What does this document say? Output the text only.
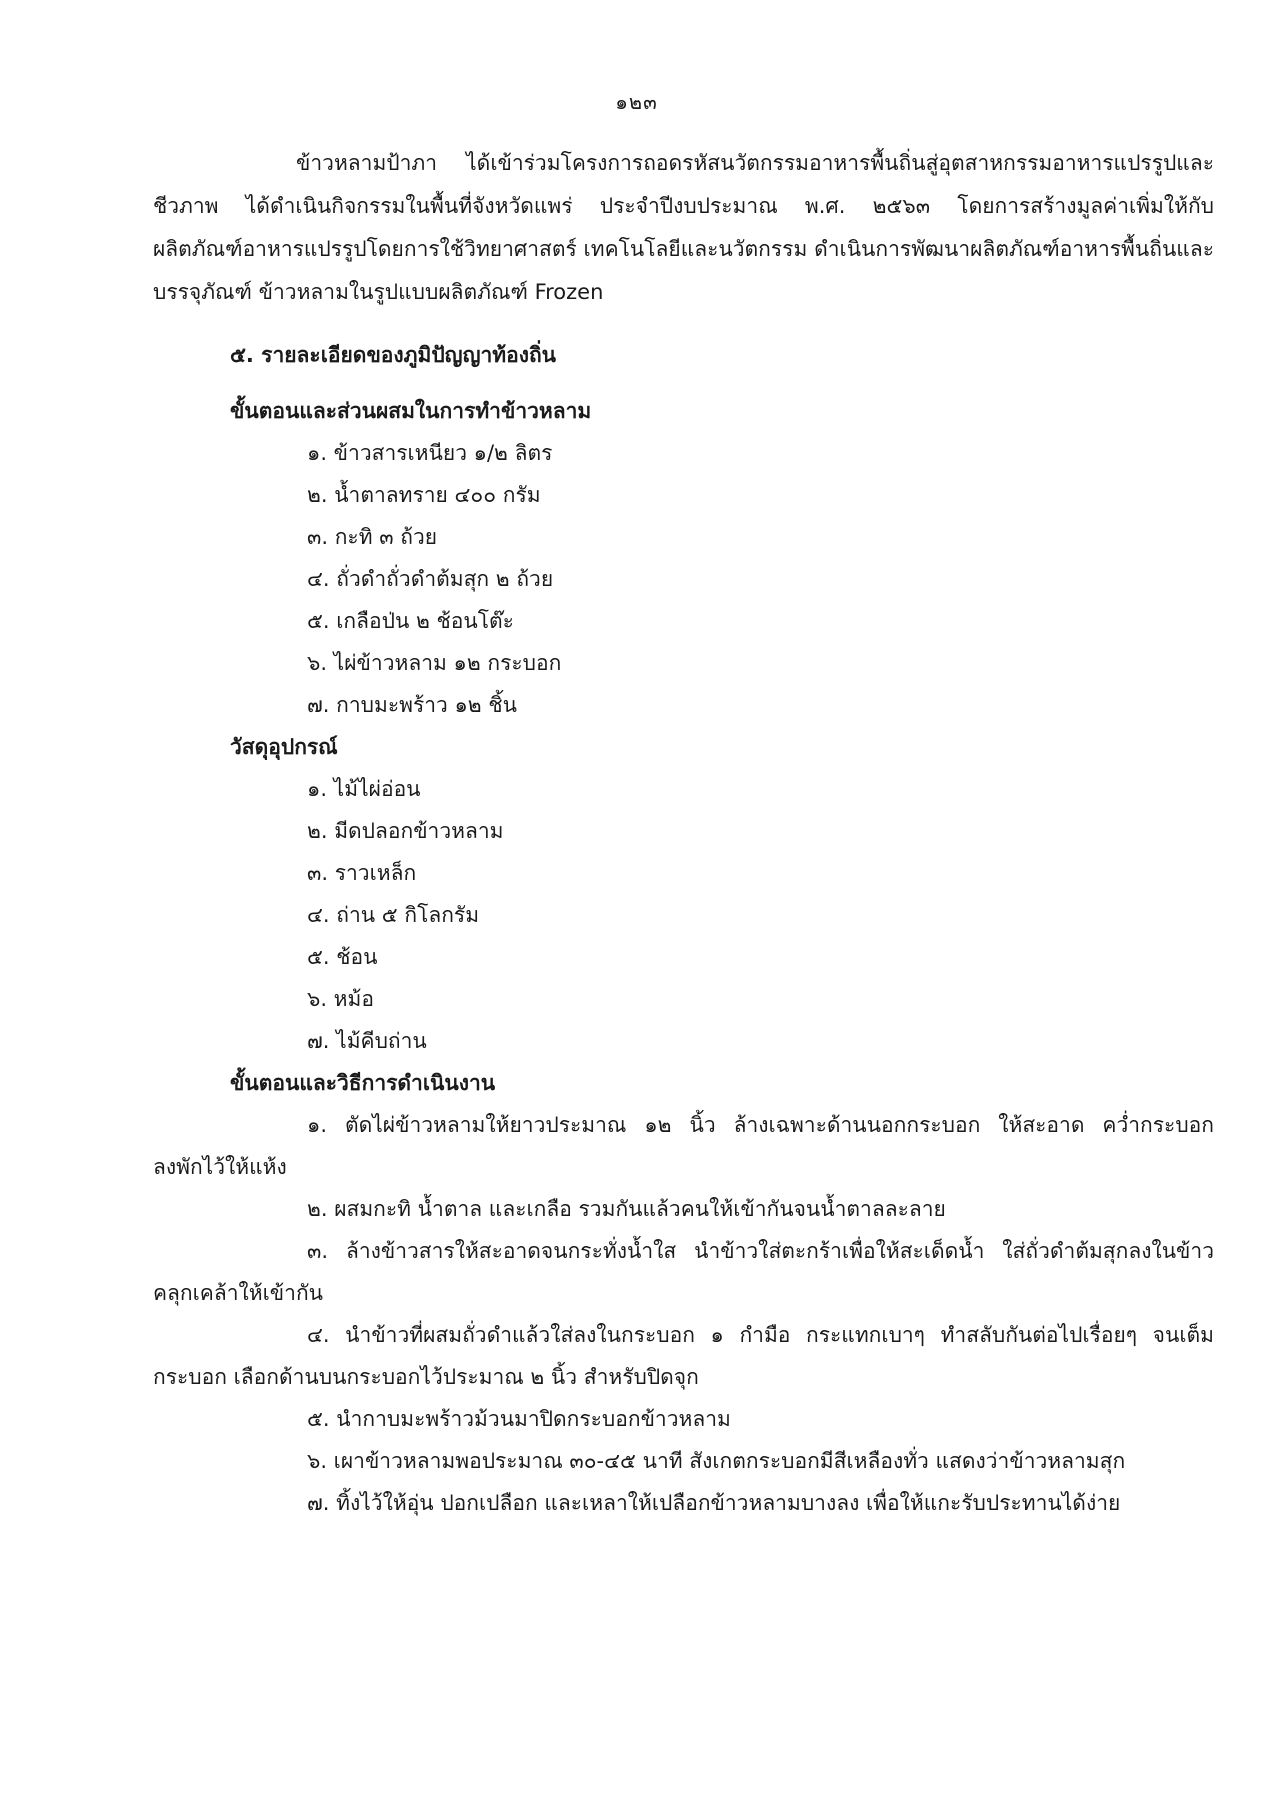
๑๒๓
ข้าวหลามป้าภา ได้เข้าร่วมโครงการถอดรหัสนวัตกรรมอาหารพื้นถิ่นสู่อุตสาหกรรมอาหารแปรรูปและ
ชีวภาพ ได้ดำเนินกิจกรรมในพื้นที่จังหวัดแพร่ ประจำปีงบประมาณ พ.ศ. ๒๕๖๓ โดยการสร้างมูลค่าเพิ่มให้กับ
ผลิตภัณฑ์อาหารแปรรูปโดยการใช้วิทยาศาสตร์ เทคโนโลยีและนวัตกรรม ดำเนินการพัฒนาผลิตภัณฑ์อาหารพื้นถิ่นและ
บรรจุภัณฑ์ ข้าวหลามในรูปแบบผลิตภัณฑ์ Frozen
๕. รายละเอียดของภูมิปัญญาท้องถิ่น
ขั้นตอนและส่วนผสมในการทำข้าวหลาม
๑. ข้าวสารเหนียว ๑/๒ ลิตร
๒. น้ำตาลทราย ๔๐๐ กรัม
๓. กะทิ ๓ ถ้วย
๔. ถั่วดำถั่วดำต้มสุก ๒ ถ้วย
๕. เกลือป่น ๒ ช้อนโต๊ะ
๖. ไผ่ข้าวหลาม ๑๒ กระบอก
๗. กาบมะพร้าว ๑๒ ชิ้น
วัสดุอุปกรณ์
๑. ไม้ไผ่อ่อน
๒. มีดปลอกข้าวหลาม
๓. ราวเหล็ก
๔. ถ่าน ๕ กิโลกรัม
๕. ช้อน
๖. หม้อ
๗. ไม้คีบถ่าน
ขั้นตอนและวิธีการดำเนินงาน
๑. ตัดไผ่ข้าวหลามให้ยาวประมาณ ๑๒ นิ้ว ล้างเฉพาะด้านนอกกระบอก ให้สะอาด คว่ำกระบอก
ลงพักไว้ให้แห้ง
๒. ผสมกะทิ น้ำตาล และเกลือ รวมกันแล้วคนให้เข้ากันจนน้ำตาลละลาย
๓. ล้างข้าวสารให้สะอาดจนกระทั่งน้ำใส นำข้าวใส่ตะกร้าเพื่อให้สะเด็ดน้ำ ใส่ถั่วดำต้มสุกลงในข้าว
คลุกเคล้าให้เข้ากัน
๔. นำข้าวที่ผสมถั่วดำแล้วใส่ลงในกระบอก ๑ กำมือ กระแทกเบาๆ ทำสลับกันต่อไปเรื่อยๆ จนเต็ม
กระบอก เลือกด้านบนกระบอกไว้ประมาณ ๒ นิ้ว สำหรับปิดจุก
๕. นำกาบมะพร้าวม้วนมาปิดกระบอกข้าวหลาม
๖. เผาข้าวหลามพอประมาณ ๓๐-๔๕ นาที สังเกตกระบอกมีสีเหลืองทั่ว แสดงว่าข้าวหลามสุก
๗. ทิ้งไว้ให้อุ่น ปอกเปลือก และเหลาให้เปลือกข้าวหลามบางลง เพื่อให้แกะรับประทานได้ง่าย
